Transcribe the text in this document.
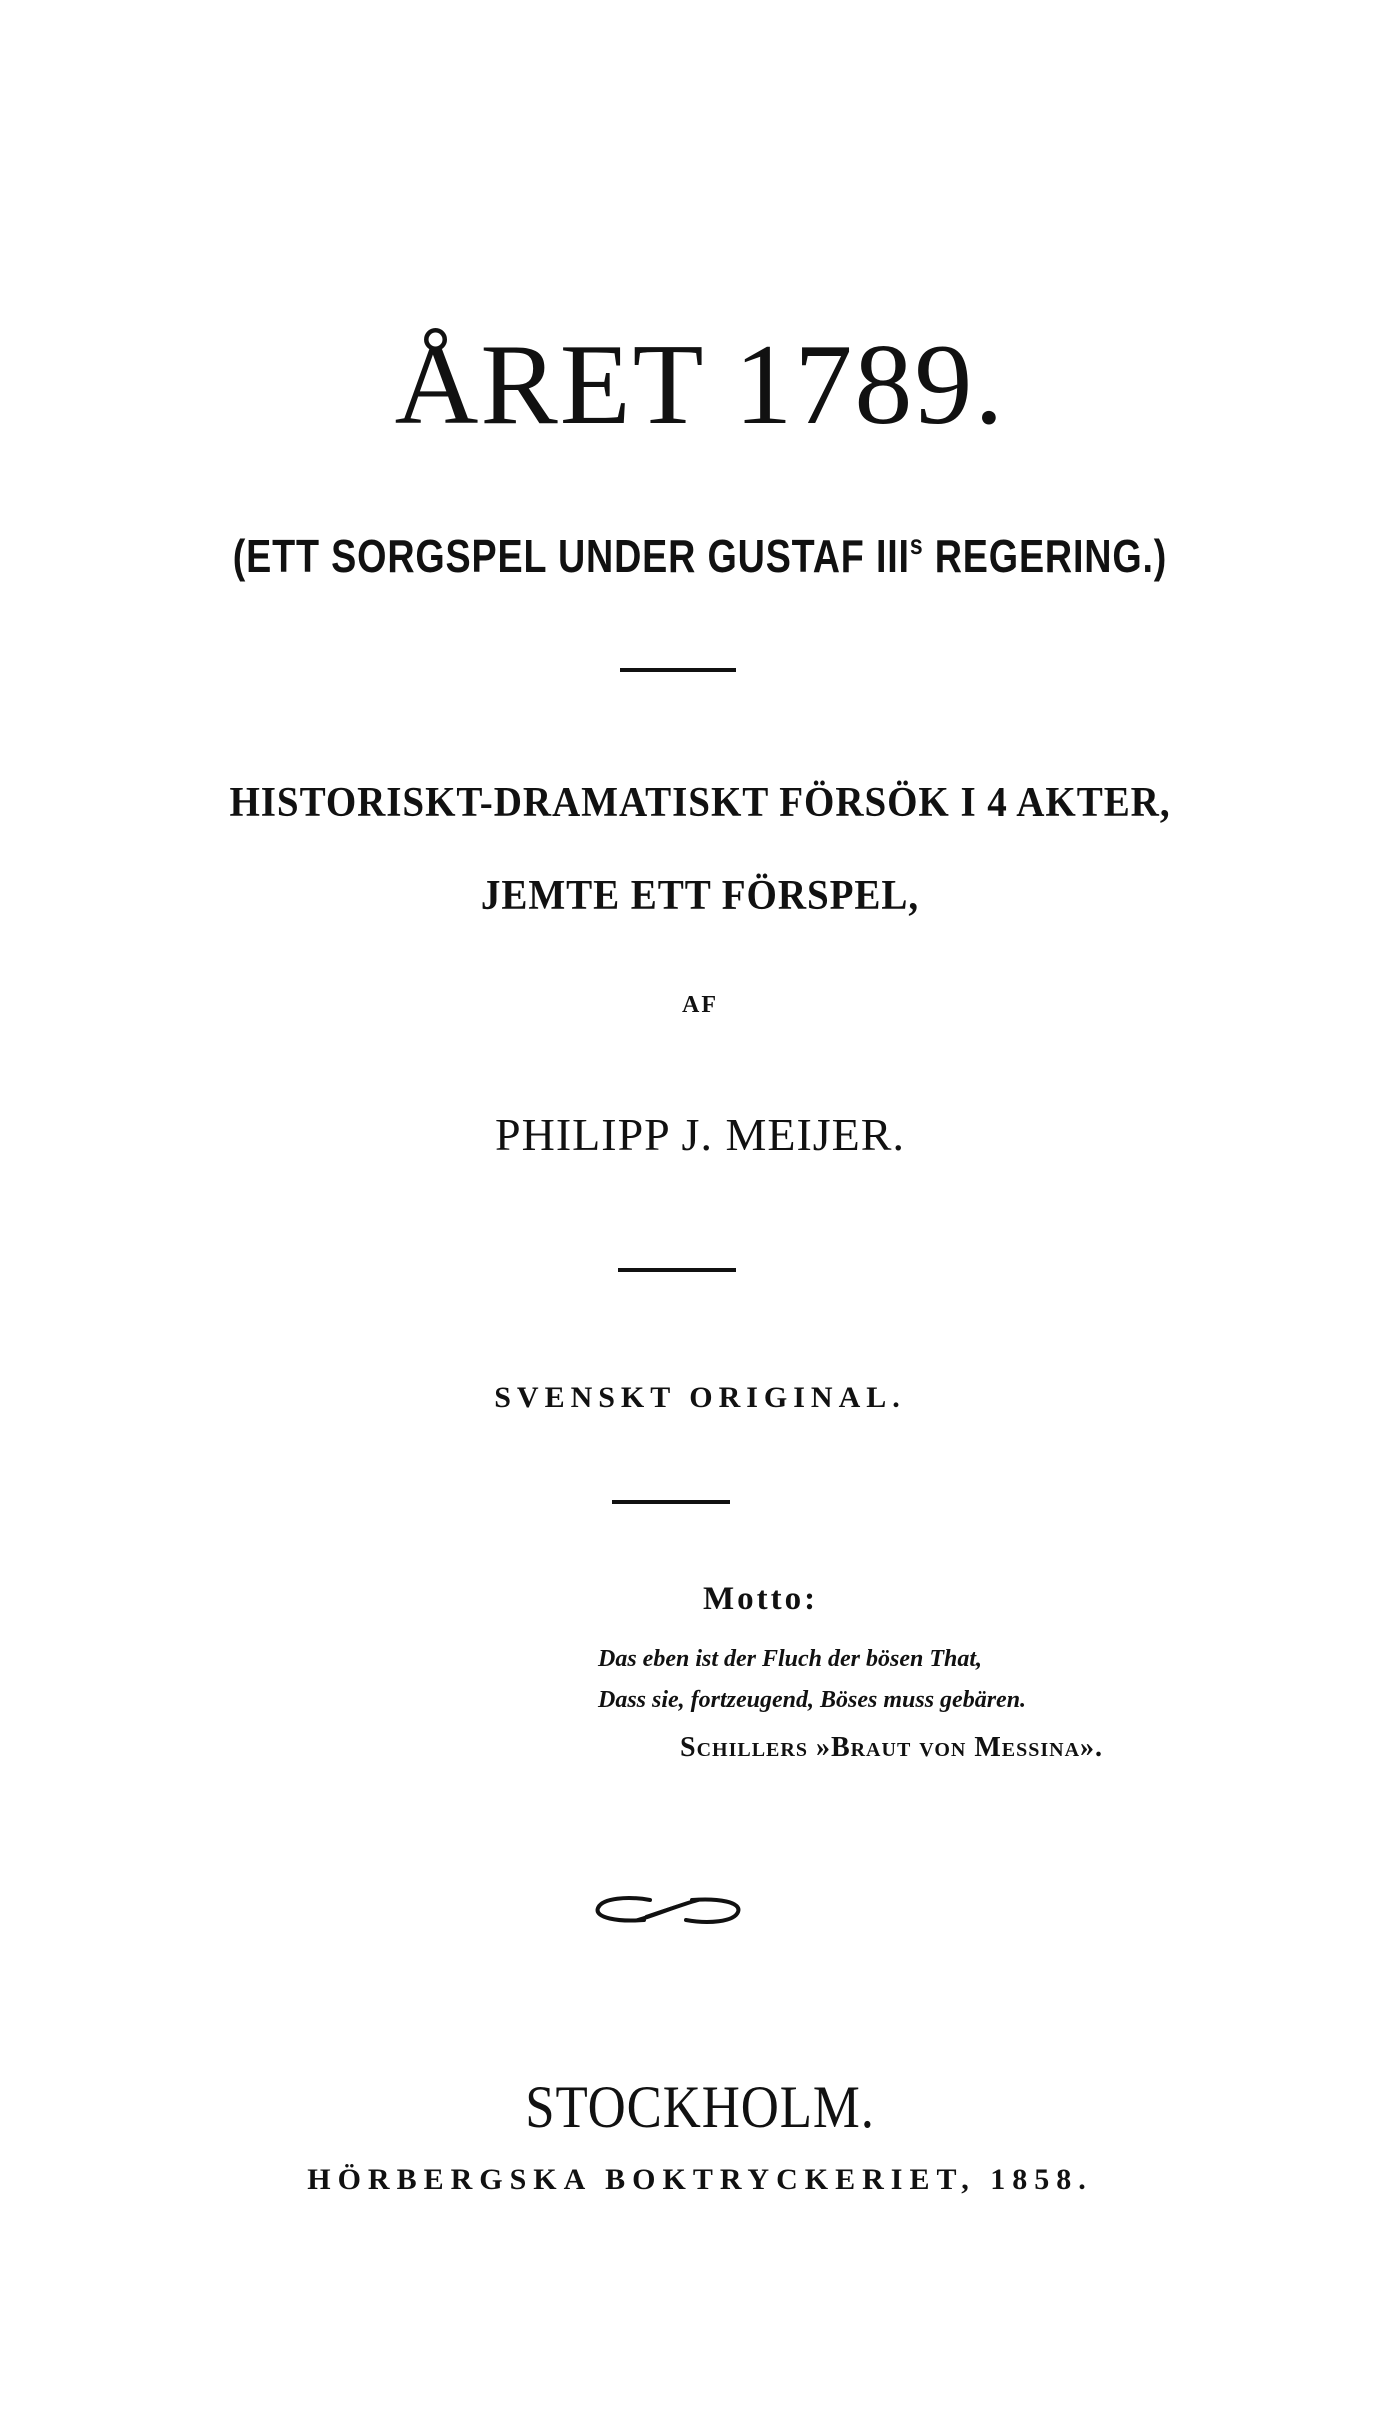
ÅRET 1789.
(ETT SORGSPEL UNDER GUSTAF III$^s$ REGERING.)
HISTORISKT-DRAMATISKT FÖRSÖK I 4 AKTER,
JEMTE ETT FÖRSPEL,
AF
PHILIPP J. MEIJER.
SVENSKT ORIGINAL.
Motto:
Das eben ist der Fluch der bösen That,
Dass sie, fortzeugend, Böses muss gebären.
Schillers »Braut von Messina».
STOCKHOLM.
HÖRBERGSKA BOKTRYCKERIET, 1858.
